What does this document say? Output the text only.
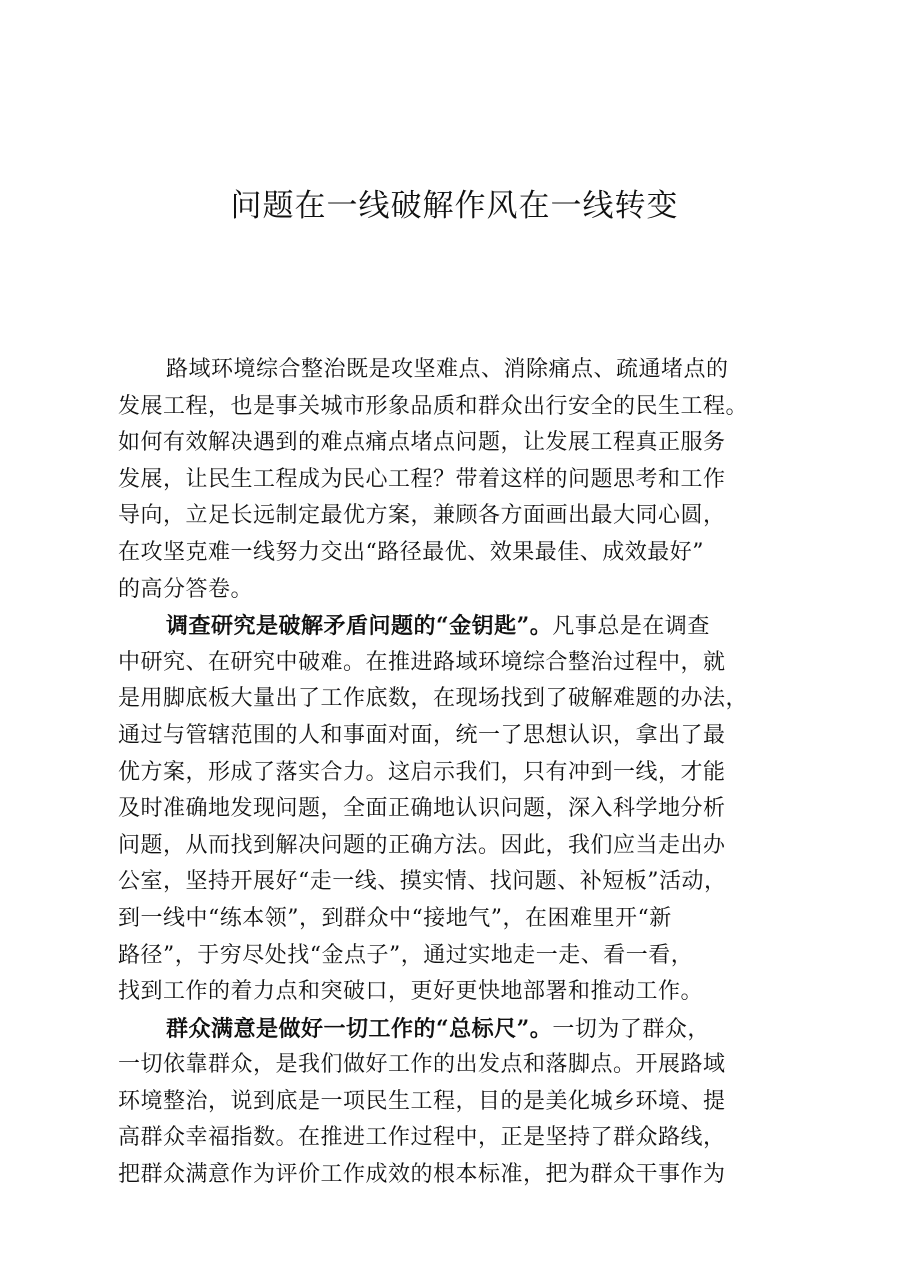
问题在一线破解作风在一线转变
路域环境综合整治既是攻坚难点、消除痛点、疏通堵点的
发展工程，也是事关城市形象品质和群众出行安全的民生工程。
如何有效解决遇到的难点痛点堵点问题，让发展工程真正服务
发展，让民生工程成为民心工程？带着这样的问题思考和工作
导向，立足长远制定最优方案，兼顾各方面画出最大同心圆，
在攻坚克难一线努力交出“路径最优、效果最佳、成效最好”
的高分答卷。
调查研究是破解矛盾问题的“金钥匙”。凡事总是在调查
中研究、在研究中破难。在推进路域环境综合整治过程中，就
是用脚底板大量出了工作底数，在现场找到了破解难题的办法，
通过与管辖范围的人和事面对面，统一了思想认识，拿出了最
优方案，形成了落实合力。这启示我们，只有冲到一线，才能
及时准确地发现问题，全面正确地认识问题，深入科学地分析
问题，从而找到解决问题的正确方法。因此，我们应当走出办
公室，坚持开展好“走一线、摸实情、找问题、补短板”活动，
到一线中“练本领”，到群众中“接地气”，在困难里开“新
路径”，于穷尽处找“金点子”，通过实地走一走、看一看，
找到工作的着力点和突破口，更好更快地部署和推动工作。
群众满意是做好一切工作的“总标尺”。一切为了群众，
一切依靠群众，是我们做好工作的出发点和落脚点。开展路域
环境整治，说到底是一项民生工程，目的是美化城乡环境、提
高群众幸福指数。在推进工作过程中，正是坚持了群众路线，
把群众满意作为评价工作成效的根本标准，把为群众干事作为
